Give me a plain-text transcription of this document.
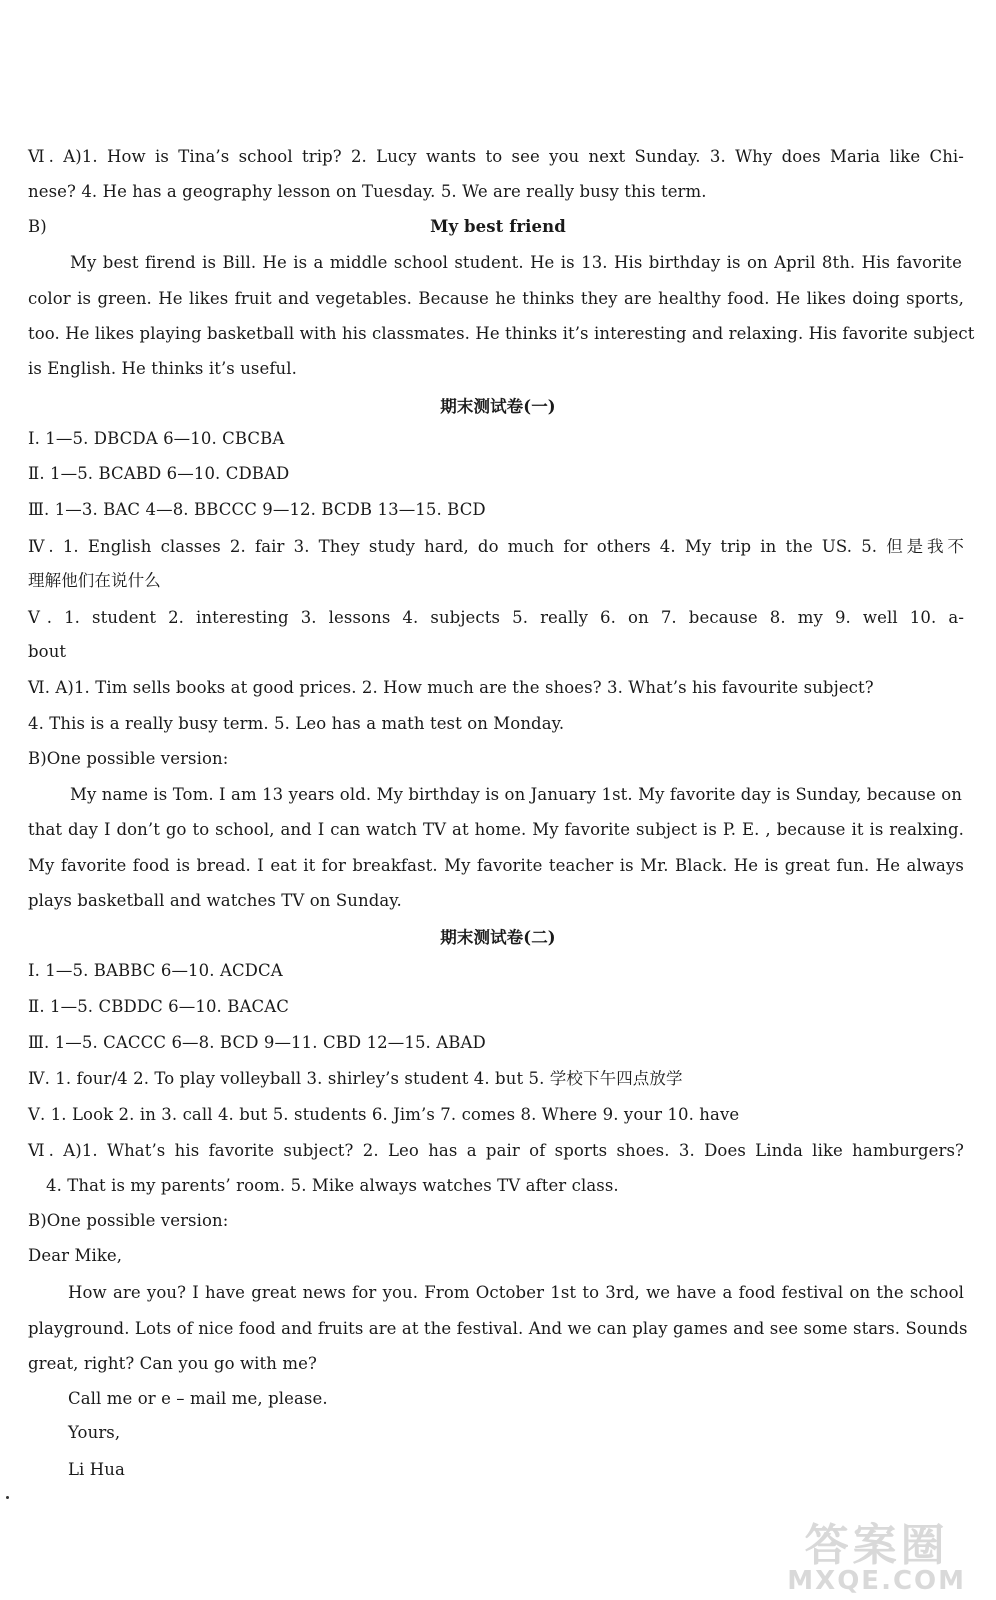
Ⅵ. A)1. How is Tina’s school trip? 2. Lucy wants to see you next Sunday. 3. Why does Maria like Chi-
nese? 4. He has a geography lesson on Tuesday. 5. We are really busy this term.
B)	My best friend
My best firend is Bill. He is a middle school student. He is 13. His birthday is on April 8th. His favorite
color is green. He likes fruit and vegetables. Because he thinks they are healthy food. He likes doing sports,
too. He likes playing basketball with his classmates. He thinks it’s interesting and relaxing. His favorite subject
is English. He thinks it’s useful.
期末测试卷(一)
Ⅰ. 1—5. DBCDA 6—10. CBCBA
Ⅱ. 1—5. BCABD 6—10. CDBAD
Ⅲ. 1—3. BAC 4—8. BBCCC 9—12. BCDB 13—15. BCD
Ⅳ. 1. English classes 2. fair 3. They study hard, do much for others 4. My trip in the US. 5. 但是我不
理解他们在说什么
Ⅴ. 1. student 2. interesting 3. lessons 4. subjects 5. really 6. on 7. because 8. my 9. well 10. a-
bout
Ⅵ. A)1. Tim sells books at good prices. 2. How much are the shoes? 3. What’s his favourite subject?
4. This is a really busy term. 5. Leo has a math test on Monday.
B)One possible version:
My name is Tom. I am 13 years old. My birthday is on January 1st. My favorite day is Sunday, because on
that day I don’t go to school, and I can watch TV at home. My favorite subject is P. E. , because it is realxing.
My favorite food is bread. I eat it for breakfast. My favorite teacher is Mr. Black. He is great fun. He always
plays basketball and watches TV on Sunday.
期末测试卷(二)
Ⅰ. 1—5. BABBC 6—10. ACDCA
Ⅱ. 1—5. CBDDC 6—10. BACAC
Ⅲ. 1—5. CACCC 6—8. BCD 9—11. CBD 12—15. ABAD
Ⅳ. 1. four/4 2. To play volleyball 3. shirley’s student 4. but 5. 学校下午四点放学
Ⅴ. 1. Look 2. in 3. call 4. but 5. students 6. Jim’s 7. comes 8. Where 9. your 10. have
Ⅵ. A)1. What’s his favorite subject? 2. Leo has a pair of sports shoes. 3. Does Linda like hamburgers?
4. That is my parents’ room. 5. Mike always watches TV after class.
B)One possible version:
Dear Mike,
How are you? I have great news for you. From October 1st to 3rd, we have a food festival on the school
playground. Lots of nice food and fruits are at the festival. And we can play games and see some stars. Sounds
great, right? Can you go with me?
Call me or e – mail me, please.
Yours,
Li Hua
答案圈
MXQE.COM
